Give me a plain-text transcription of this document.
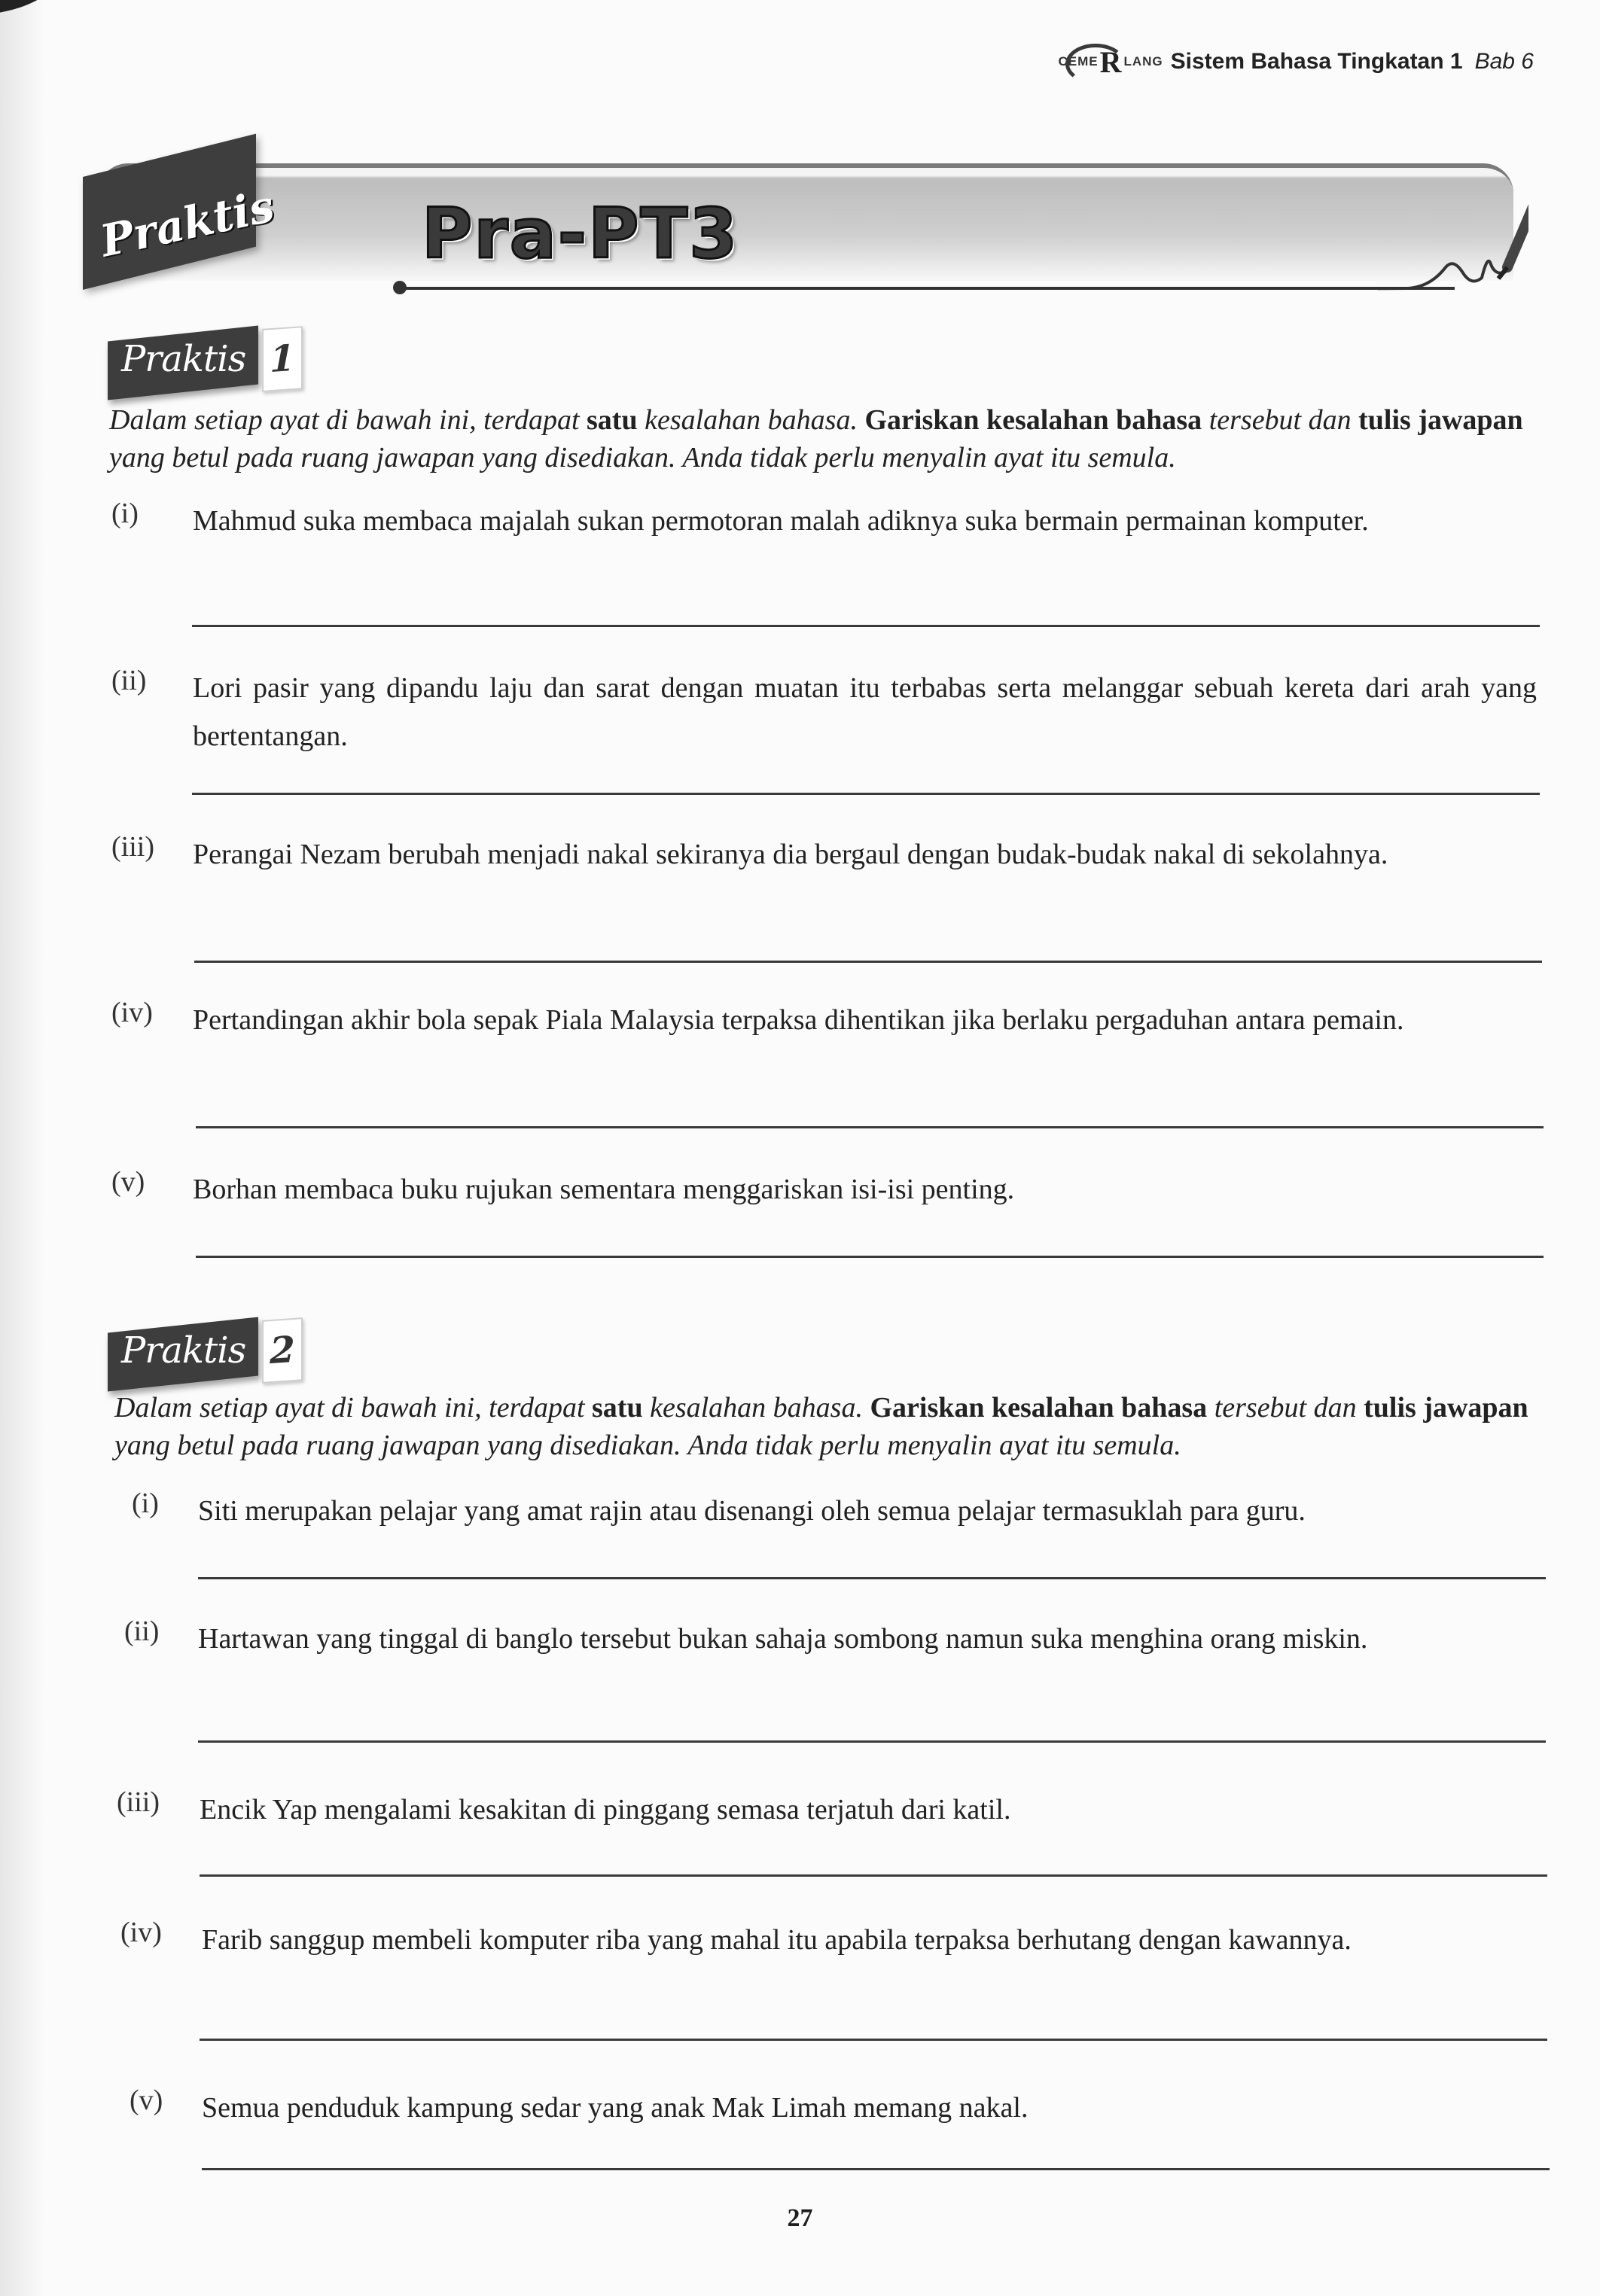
CEME R LANG Sistem Bahasa Tingkatan 1 Bab 6
Praktis Pra-PT3
Praktis 1
Dalam setiap ayat di bawah ini, terdapat satu kesalahan bahasa. Gariskan kesalahan bahasa tersebut dan tulis jawapan yang betul pada ruang jawapan yang disediakan. Anda tidak perlu menyalin ayat itu semula.
(i) Mahmud suka membaca majalah sukan permotoran malah adiknya suka bermain permainan komputer.
(ii) Lori pasir yang dipandu laju dan sarat dengan muatan itu terbabas serta melanggar sebuah kereta dari arah yang bertentangan.
(iii) Perangai Nezam berubah menjadi nakal sekiranya dia bergaul dengan budak-budak nakal di sekolahnya.
(iv) Pertandingan akhir bola sepak Piala Malaysia terpaksa dihentikan jika berlaku pergaduhan antara pemain.
(v) Borhan membaca buku rujukan sementara menggariskan isi-isi penting.
Praktis 2
Dalam setiap ayat di bawah ini, terdapat satu kesalahan bahasa. Gariskan kesalahan bahasa tersebut dan tulis jawapan yang betul pada ruang jawapan yang disediakan. Anda tidak perlu menyalin ayat itu semula.
(i) Siti merupakan pelajar yang amat rajin atau disenangi oleh semua pelajar termasuklah para guru.
(ii) Hartawan yang tinggal di banglo tersebut bukan sahaja sombong namun suka menghina orang miskin.
(iii) Encik Yap mengalami kesakitan di pinggang semasa terjatuh dari katil.
(iv) Farib sanggup membeli komputer riba yang mahal itu apabila terpaksa berhutang dengan kawannya.
(v) Semua penduduk kampung sedar yang anak Mak Limah memang nakal.
27
